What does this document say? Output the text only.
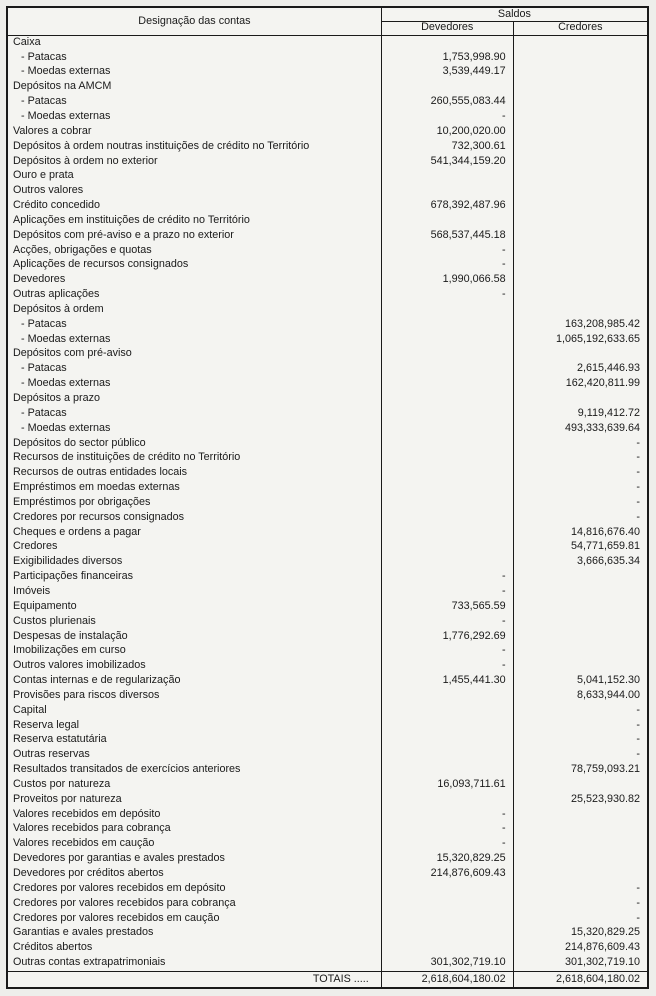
Designação das contas	Saldos	
	Devedores	Credores
Caixa		
- Patacas	1,753,998.90	
- Moedas externas	3,539,449.17	
Depósitos na AMCM		
- Patacas	260,555,083.44	
- Moedas externas	-	
Valores a cobrar	10,200,020.00	
Depósitos à ordem noutras instituições de crédito no Território	732,300.61	
Depósitos à ordem no exterior	541,344,159.20	
Ouro e prata		
Outros valores		
Crédito concedido	678,392,487.96	
Aplicações em instituições de crédito no Território		
Depósitos com pré-aviso e a prazo no exterior	568,537,445.18	
Acções, obrigações e quotas	-	
Aplicações de recursos consignados	-	
Devedores	1,990,066.58	
Outras aplicações	-	
Depósitos à ordem		
- Patacas		163,208,985.42
- Moedas externas		1,065,192,633.65
Depósitos com pré-aviso		
- Patacas		2,615,446.93
- Moedas externas		162,420,811.99
Depósitos a prazo		
- Patacas		9,119,412.72
- Moedas externas		493,333,639.64
Depósitos do sector público		-
Recursos de instituições de crédito no Território		-
Recursos de outras entidades locais		-
Empréstimos em moedas externas		-
Empréstimos por obrigações		-
Credores por recursos consignados		-
Cheques e ordens a pagar		14,816,676.40
Credores		54,771,659.81
Exigibilidades diversos		3,666,635.34
Participações financeiras	-	
Imóveis	-	
Equipamento	733,565.59	
Custos plurienais	-	
Despesas de instalação	1,776,292.69	
Imobilizações em curso	-	
Outros valores imobilizados	-	
Contas internas e de regularização	1,455,441.30	5,041,152.30
Provisões para riscos diversos		8,633,944.00
Capital		-
Reserva legal		-
Reserva estatutária		-
Outras reservas		-
Resultados transitados de exercícios anteriores		78,759,093.21
Custos por natureza	16,093,711.61	
Proveitos por natureza		25,523,930.82
Valores recebidos em depósito	-	
Valores recebidos para cobrança	-	
Valores recebidos em caução	-	
Devedores por garantias e avales prestados	15,320,829.25	
Devedores por créditos abertos	214,876,609.43	
Credores por valores recebidos em depósito		-
Credores por valores recebidos para cobrança		-
Credores por valores recebidos em caução		-
Garantias e avales prestados		15,320,829.25
Créditos abertos		214,876,609.43
Outras contas extrapatrimoniais	301,302,719.10	301,302,719.10
TOTAIS .....	2,618,604,180.02	2,618,604,180.02
